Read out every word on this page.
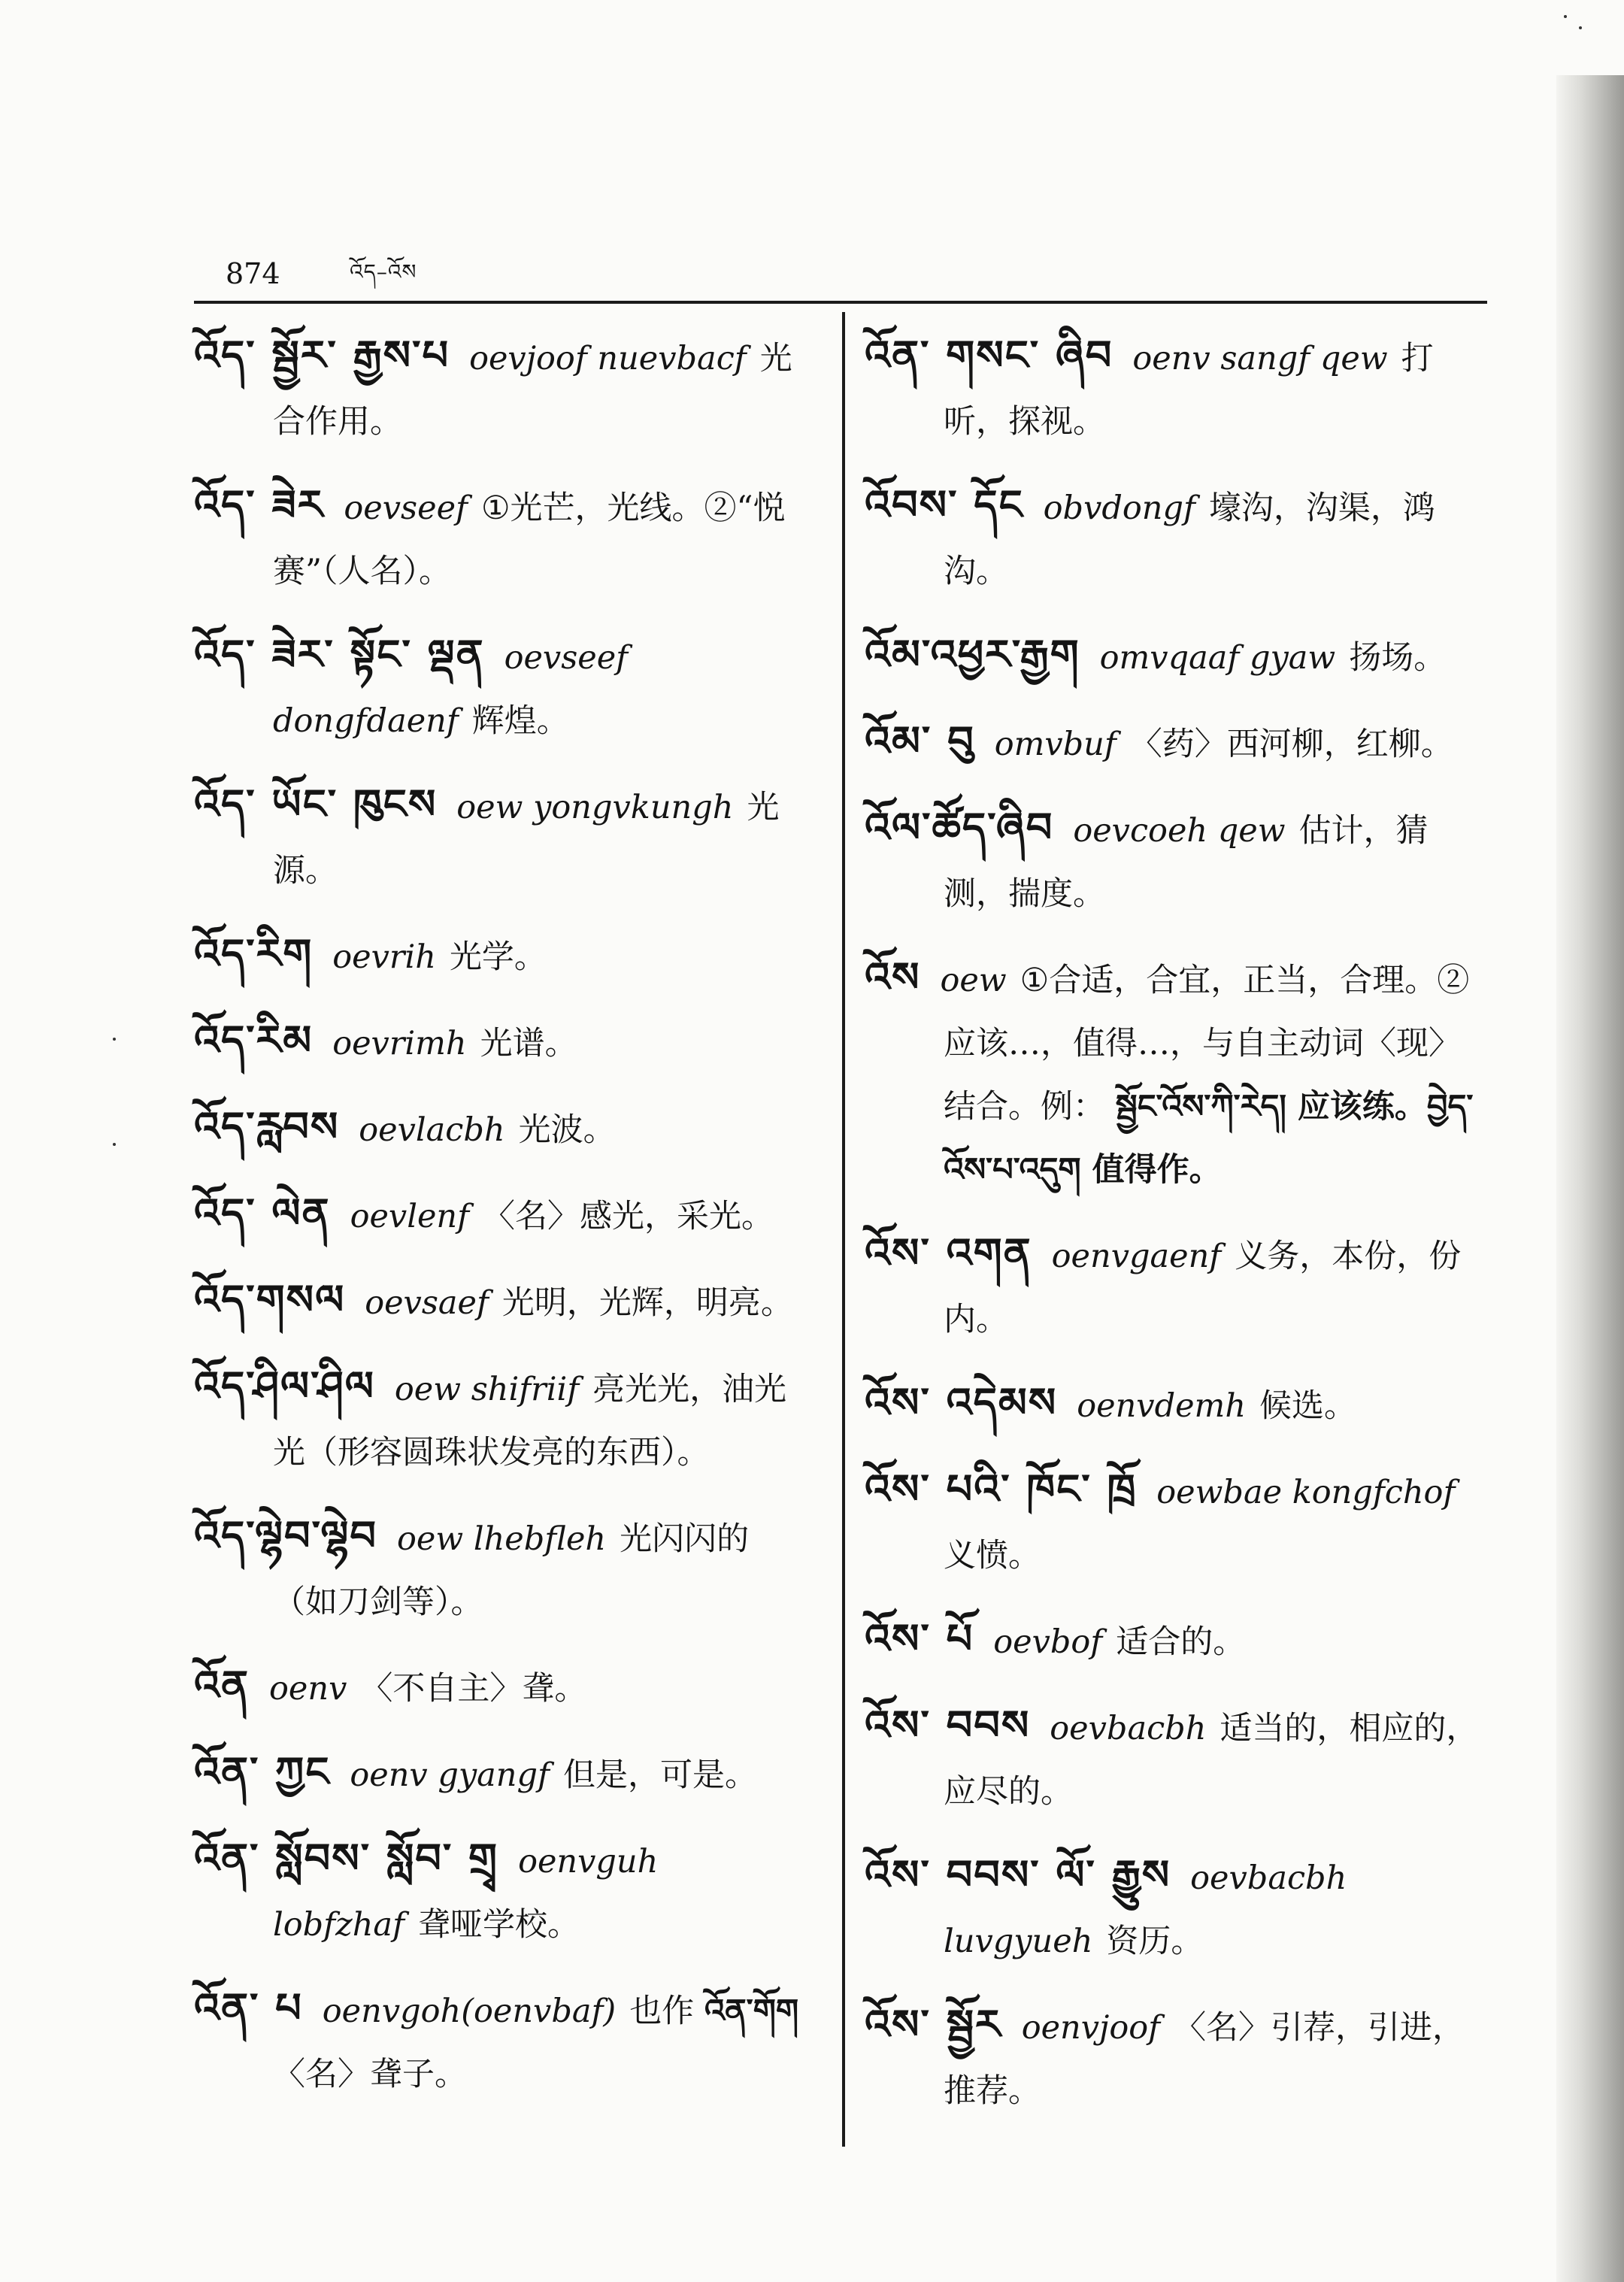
874	འོད–འོས

འོད་ སྦྱོར་ རྒྱས་པ oevjoof nuevbacf 光合作用。

འོད་ ཟེར oevseef ①光芒，光线。②“悦赛”（人名）。

འོད་ ཟེར་ སྟོང་ ལྡན oevseef dongfdaenf 辉煌。

འོད་ ཡོང་ ཁུངས oew yongvkungh 光源。

འོད་རིག oevrih 光学。

འོད་རིམ oevrimh 光谱。

འོད་རླབས oevlacbh 光波。

འོད་ ལེན oevlenf 〈名〉感光，采光。

འོད་གསལ oevsaef 光明，光辉，明亮。

འོད་ཤིལ་ཤིལ oew shifriif 亮光光，油光光（形容圆珠状发亮的东西）。

འོད་ལྷེབ་ལྷེབ oew lhebfleh 光闪闪的（如刀剑等）。

འོན oenv 〈不自主〉聋。

འོན་ ཀྱང oenv gyangf 但是，可是。

འོན་ སློབས་ སློབ་ གྲྭ oenvguh lobfzhaf 聋哑学校。

འོན་ པ oenvgoh(oenvbaf) 也作 འོན་གོག 〈名〉聋子。

འོན་ གསང་ ཞིབ oenv sangf qew 打听，探视。

འོབས་ དོང obvdongf 壕沟，沟渠，鸿沟。

འོམ་འཕྱར་རྒྱག omvqaaf gyaw 扬场。

འོམ་ བུ omvbuf 〈药〉西河柳，红柳。

འོལ་ཚོད་ཞིབ oevcoeh qew 估计，猜测，揣度。

འོས oew ①合适，合宜，正当，合理。②应该…，值得…，与自主动词〈现〉结合。例： སྦྱོང་འོས་ཀི་རེད། 应该练。བྱེད་འོས་པ་འདུག 值得作。

འོས་ འགན oenvgaenf 义务，本份，份内。

འོས་ འདེམས oenvdemh 候选。

འོས་ པའི་ ཁོང་ ཁྲོ oewbae kongfchof义愤。

འོས་ པོ oevbof 适合的。

འོས་ བབས oevbacbh 适当的，相应的，应尽的。

འོས་ བབས་ ལོ་ རྒྱུས oevbacbh luvgyueh 资历。

འོས་ སྦྱོར oenvjoof 〈名〉引荐，引进，推荐。
